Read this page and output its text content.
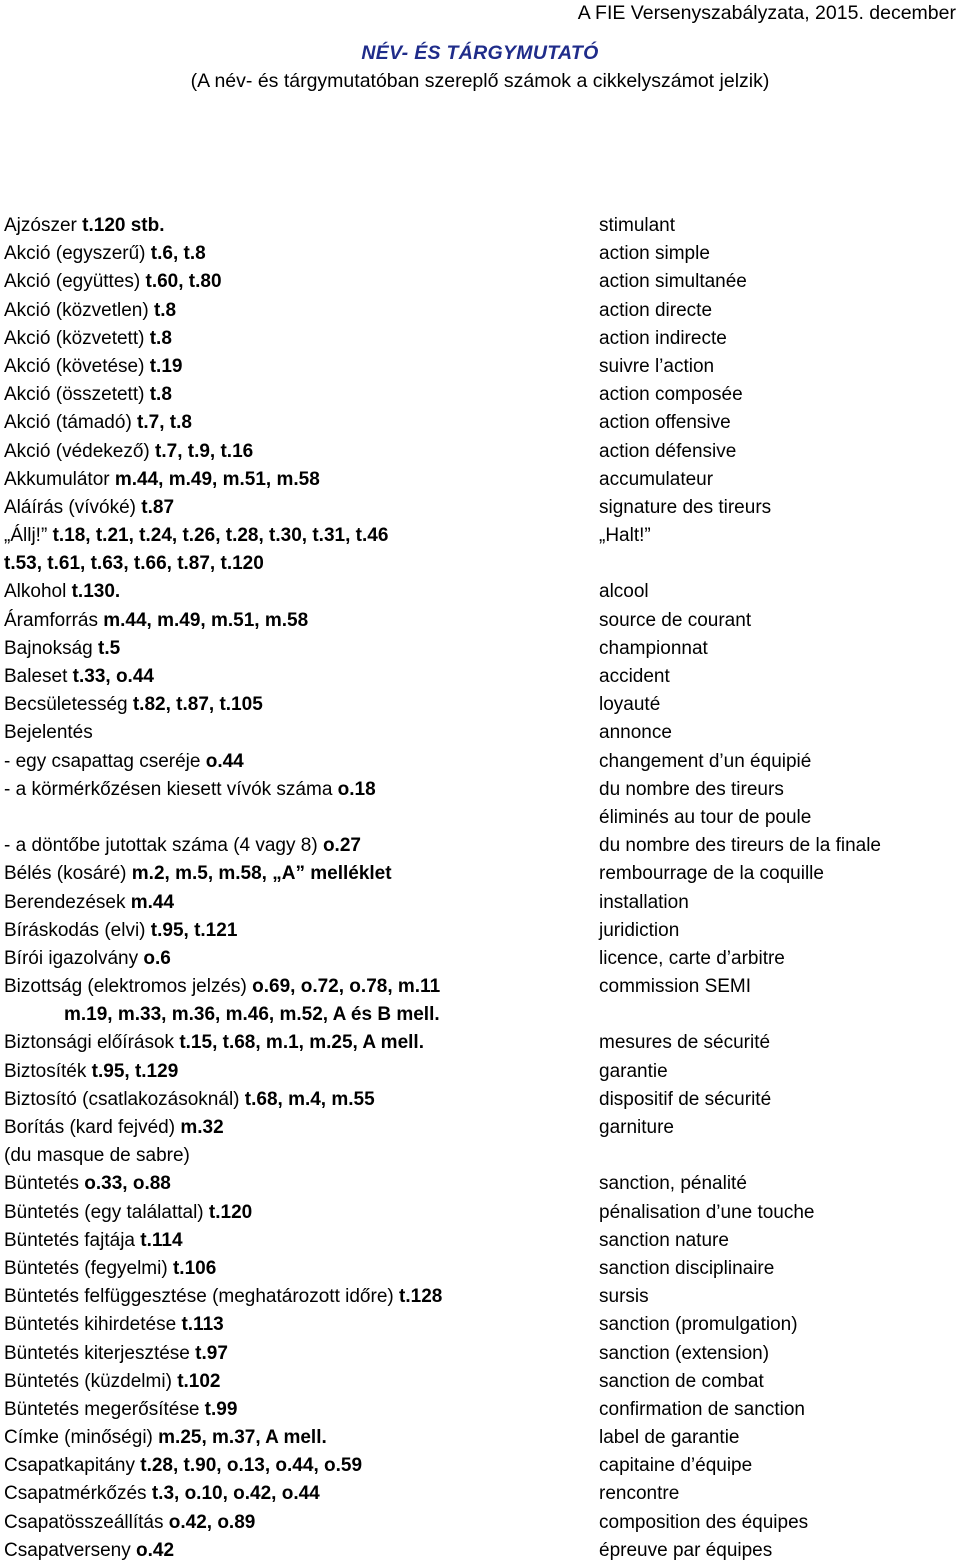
A FIE Versenyszabályzata, 2015. december
NÉV- ÉS TÁRGYMUTATÓ
(A név- és tárgymutatóban szereplő számok a cikkelyszámot jelzik)
Ajzószer t.120 stb.	stimulant
Akció (egyszerű) t.6, t.8	action simple
Akció (együttes) t.60, t.80	action simultanée
Akció (közvetlen) t.8	action directe
Akció (közvetett) t.8	action indirecte
Akció (követése) t.19	suivre l’action
Akció (összetett) t.8	action composée
Akció (támadó) t.7, t.8	action offensive
Akció (védekező) t.7, t.9, t.16	action défensive
Akkumulátor m.44, m.49, m.51, m.58	accumulateur
Aláírás (vívóké) t.87	signature des tireurs
„Állj!” t.18, t.21, t.24, t.26, t.28, t.30, t.31, t.46	„Halt!”
t.53, t.61, t.63, t.66, t.87, t.120
Alkohol t.130.	alcool
Áramforrás m.44, m.49, m.51, m.58	source de courant
Bajnokság t.5	championnat
Baleset t.33, o.44	accident
Becsületesség t.82, t.87, t.105	loyauté
Bejelentés	annonce
- egy csapattag cseréje o.44	changement d’un équipié
- a körmérkőzésen kiesett vívók száma o.18	du nombre des tireurs
éliminés au tour de poule
- a döntőbe jutottak száma (4 vagy 8) o.27	du nombre des tireurs de la finale
Bélés (kosáré) m.2, m.5, m.58, „A” melléklet	rembourrage de la coquille
Berendezések m.44	installation
Bíráskodás (elvi) t.95, t.121	juridiction
Bírói igazolvány o.6	licence, carte d’arbitre
Bizottság (elektromos jelzés) o.69, o.72, o.78, m.11	commission SEMI
m.19, m.33, m.36, m.46, m.52, A és B mell.
Biztonsági előírások t.15, t.68, m.1, m.25, A mell.	mesures de sécurité
Biztosíték t.95, t.129	garantie
Biztosító (csatlakozásoknál) t.68, m.4, m.55	dispositif de sécurité
Borítás (kard fejvéd) m.32	garniture
(du masque de sabre)
Büntetés o.33, o.88	sanction, pénalité
Büntetés (egy találattal) t.120	pénalisation d’une touche
Büntetés fajtája t.114	sanction nature
Büntetés (fegyelmi) t.106	sanction disciplinaire
Büntetés felfüggesztése (meghatározott időre) t.128	sursis
Büntetés kihirdetése t.113	sanction (promulgation)
Büntetés kiterjesztése t.97	sanction (extension)
Büntetés (küzdelmi) t.102	sanction de combat
Büntetés megerősítése t.99	confirmation de sanction
Címke (minőségi) m.25, m.37, A mell.	label de garantie
Csapatkapitány t.28, t.90, o.13, o.44, o.59	capitaine d’équipe
Csapatmérkőzés t.3, o.10, o.42, o.44	rencontre
Csapatösszeállítás o.42, o.89	composition des équipes
Csapatverseny o.42	épreuve par équipes
